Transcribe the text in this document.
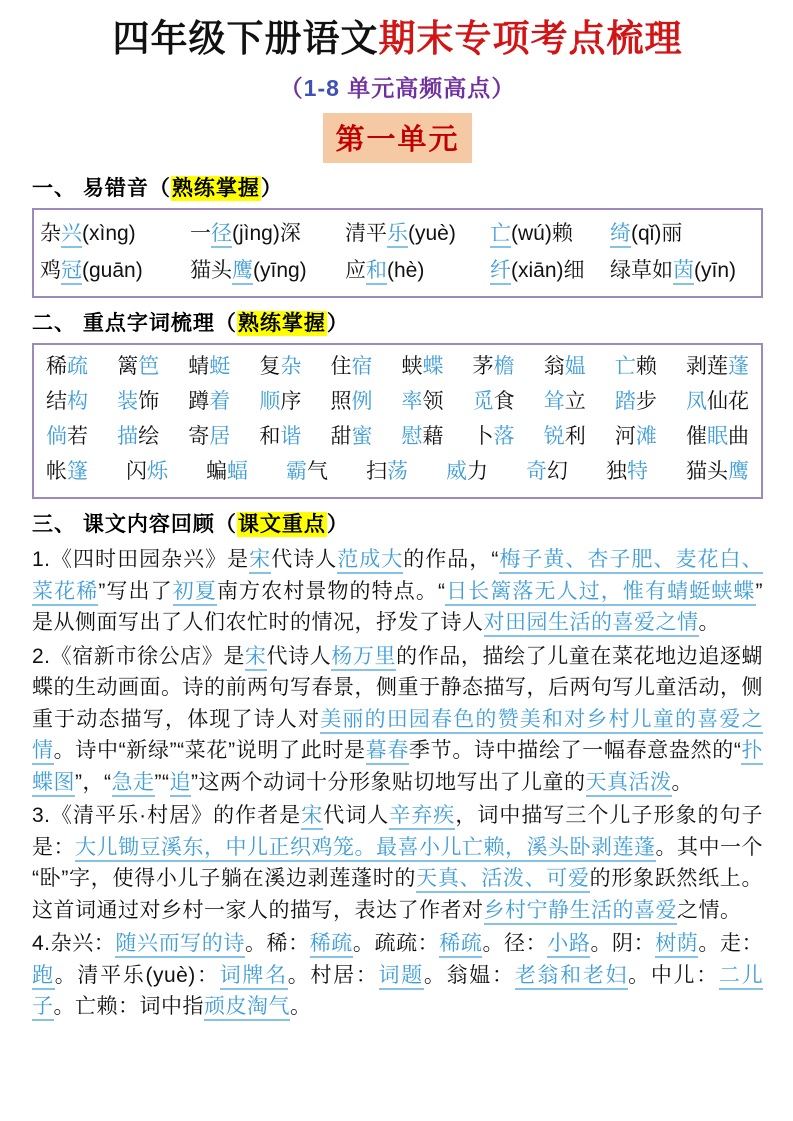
四年级下册语文期末专项考点梳理
（1-8 单元高频高点）
第一单元
一、 易错音（熟练掌握）
杂兴(xìng)	一径(jìng)深	清平乐(yuè)	亡(wú)赖	绮(qǐ)丽
鸡冠(guān)	猫头鹰(yīng)	应和(hè)	纤(xiān)细	绿草如茵(yīn)
二、 重点字词梳理（熟练掌握）
稀疏 篱笆 蜻蜓 复杂 住宿 蛱蝶 茅檐 翁媪 亡赖 剥莲蓬
结构 装饰 蹲着 顺序 照例 率领 觅食 耸立 踏步 凤仙花
倘若 描绘 寄居 和谐 甜蜜 慰藉 卜落 锐利 河滩 催眠曲
帐篷 闪烁 蝙蝠 霸气 扫荡 威力 奇幻 独特 猫头鹰
三、 课文内容回顾（课文重点）
1.《四时田园杂兴》是宋代诗人范成大的作品，“梅子黄、杏子肥、麦花白、菜花稀”写出了初夏南方农村景物的特点。“日长篱落无人过，惟有蜻蜓蛱蝶”是从侧面写出了人们农忙时的情况，抒发了诗人对田园生活的喜爱之情。
2.《宿新市徐公店》是宋代诗人杨万里的作品，描绘了儿童在菜花地边追逐蝴蝶的生动画面。诗的前两句写春景，侧重于静态描写，后两句写儿童活动，侧重于动态描写，体现了诗人对美丽的田园春色的赞美和对乡村儿童的喜爱之情。诗中“新绿”“菜花”说明了此时是暮春季节。诗中描绘了一幅春意盎然的“扑蝶图”，“急走”“追”这两个动词十分形象贴切地写出了儿童的天真活泼。
3.《清平乐·村居》的作者是宋代词人辛弃疾，词中描写三个儿子形象的句子是：大儿锄豆溪东，中儿正织鸡笼。最喜小儿亡赖，溪头卧剥莲蓬。其中一个“卧”字，使得小儿子躺在溪边剥莲蓬时的天真、活泼、可爱的形象跃然纸上。这首词通过对乡村一家人的描写，表达了作者对乡村宁静生活的喜爱之情。
4.杂兴：随兴而写的诗。稀：稀疏。疏疏：稀疏。径：小路。阴：树荫。走：跑。清平乐(yuè)：词牌名。村居：词题。翁媪：老翁和老妇。中儿：二儿子。亡赖：词中指顽皮淘气。
